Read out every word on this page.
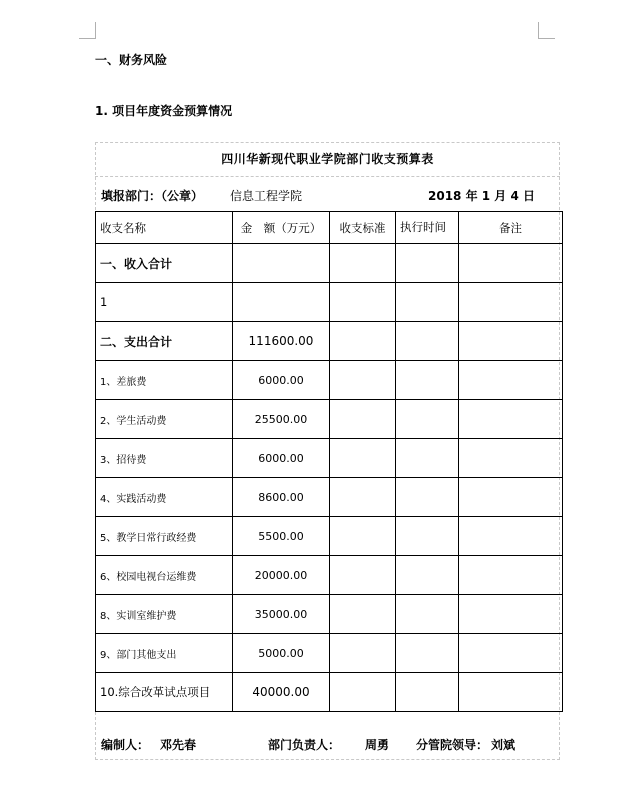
一、财务风险
1. 项目年度资金预算情况
四川华新现代职业学院部门收支预算表
填报部门：（公章） 信息工程学院	2018 年 1 月 4 日
收支名称	金　额（万元）	收支标准	执行时间	备注
一、收入合计				
1				
二、支出合计	111600.00			
1、差旅费	6000.00			
2、学生活动费	25500.00			
3、招待费	6000.00			
4、实践活动费	8600.00			
5、教学日常行政经费	5500.00			
6、校园电视台运维费	20000.00			
8、实训室维护费	35000.00			
9、部门其他支出	5000.00			
10.综合改革试点项目	40000.00			
编制人： 邓先春	部门负责人： 周勇 分管院领导： 刘斌
